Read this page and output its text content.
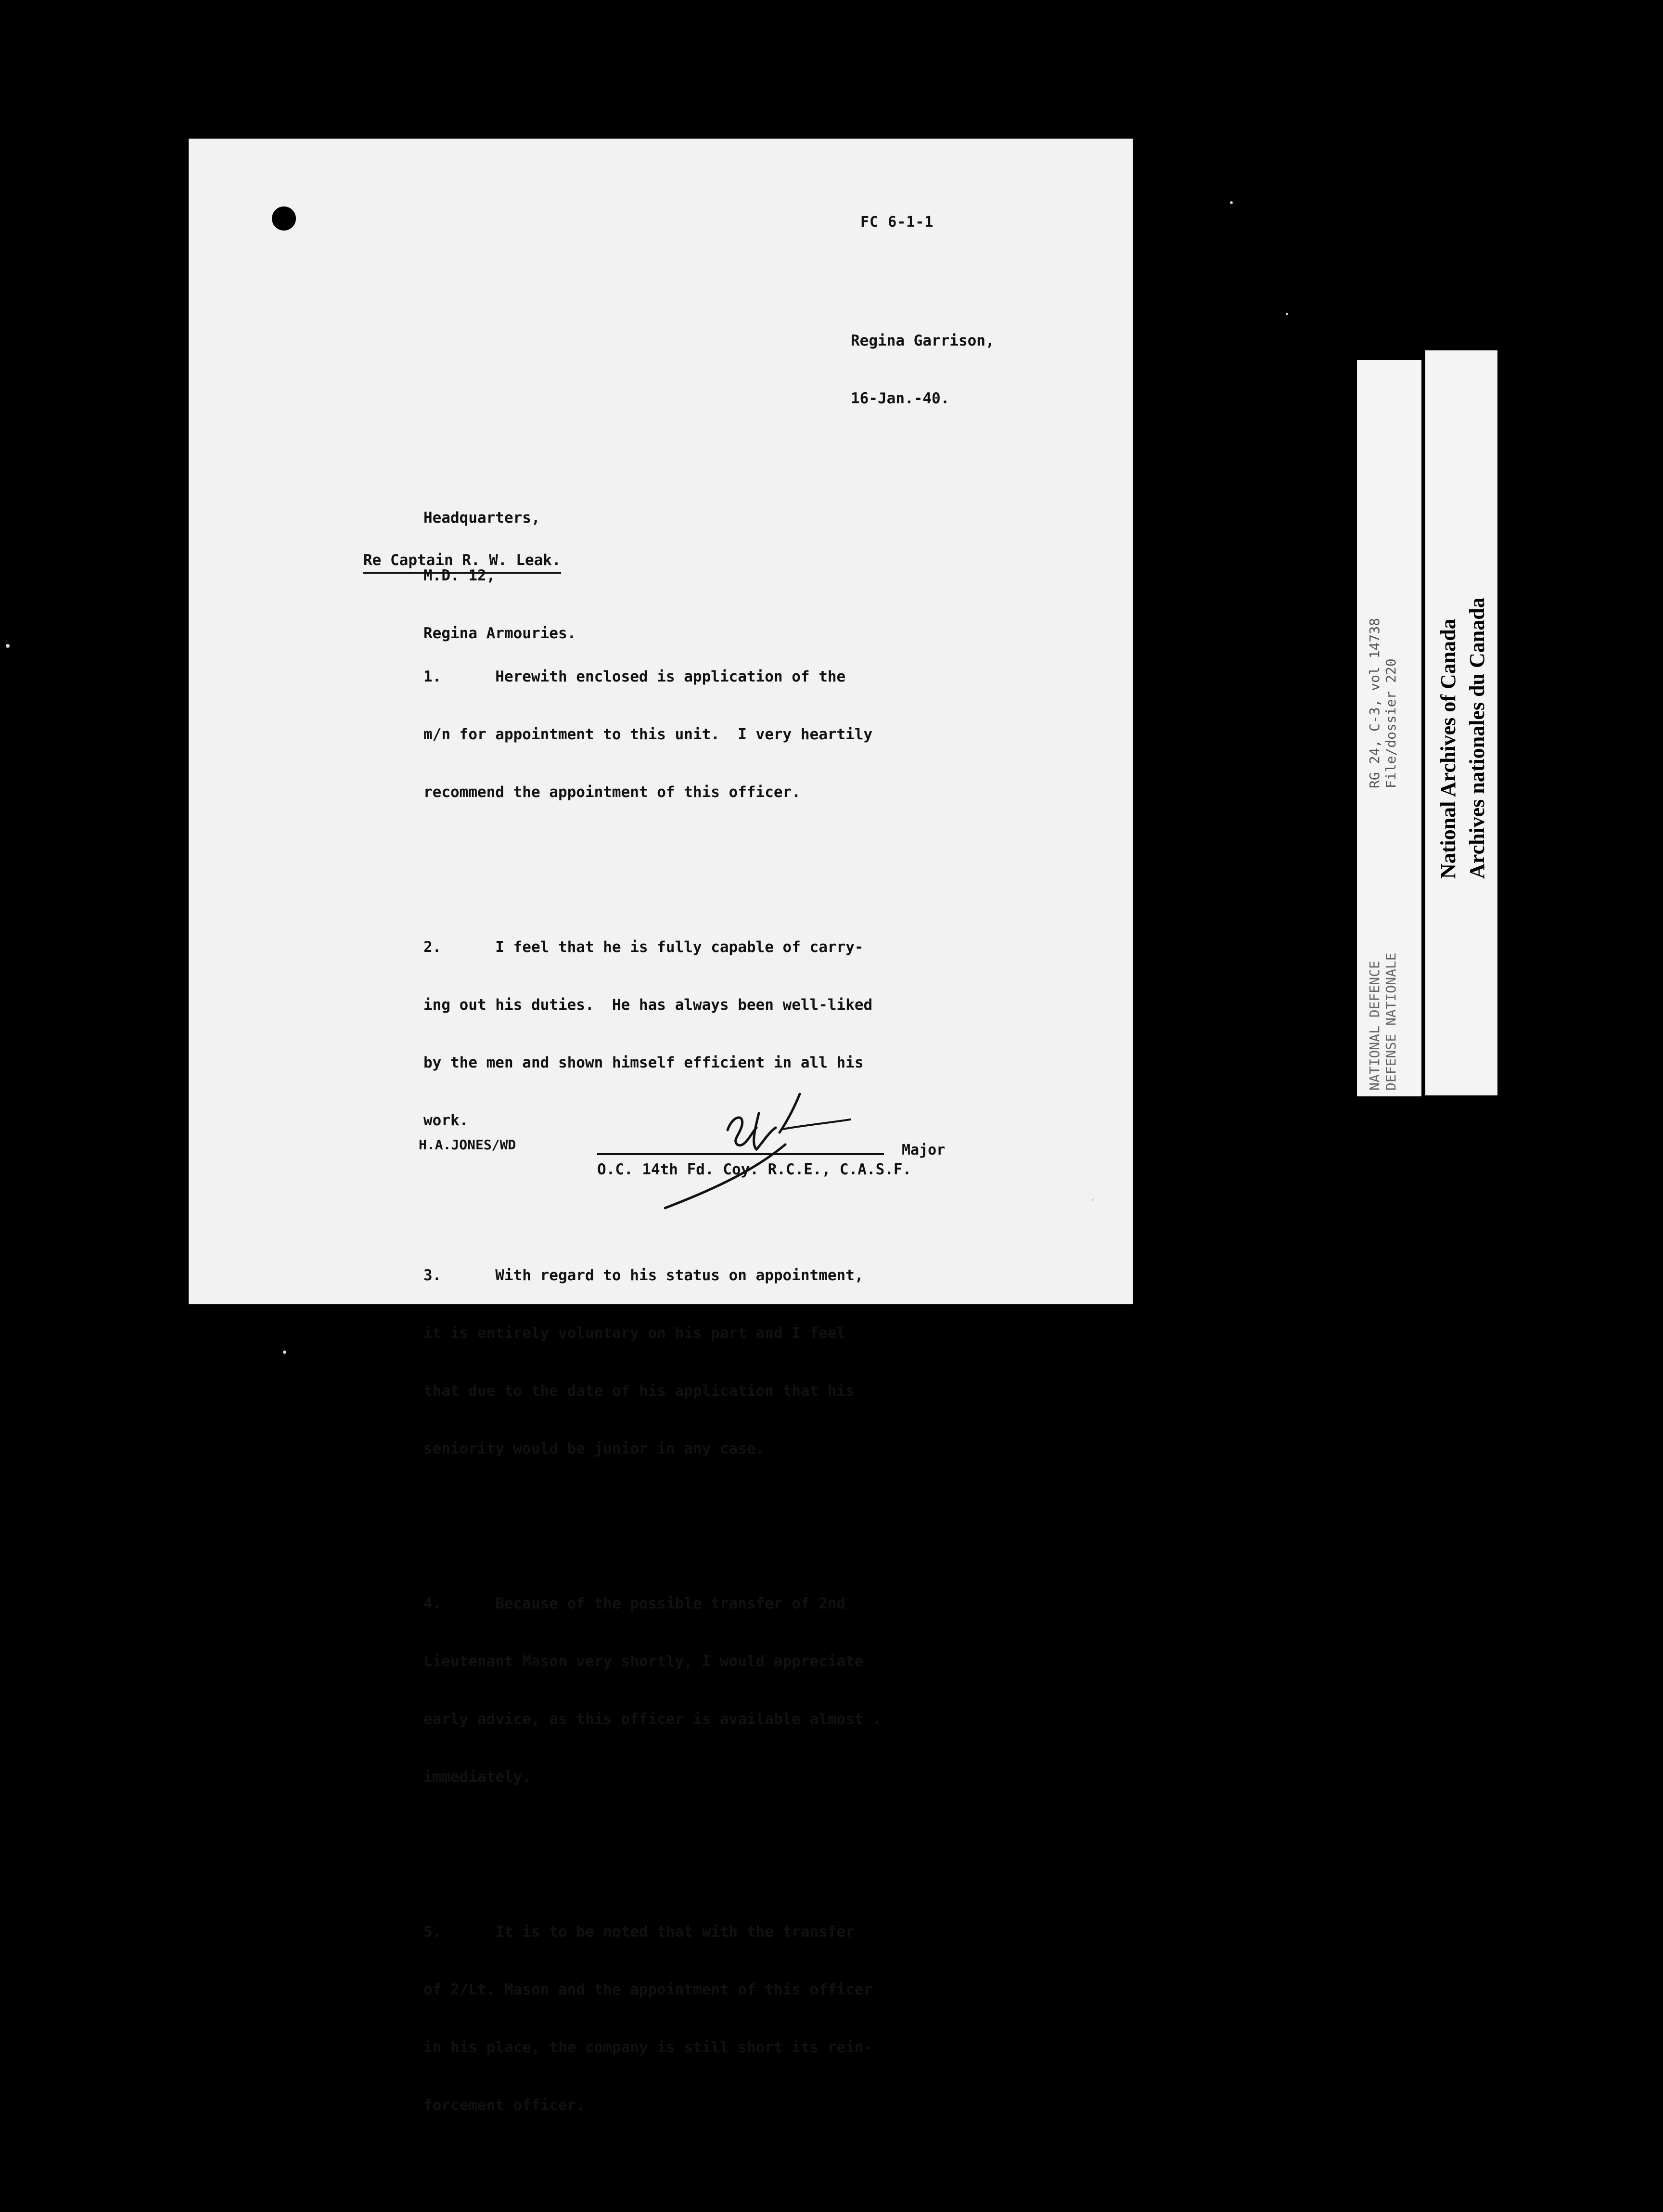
FC 6-1-1

Regina Garrison,

16-Jan.-40.

Headquarters,

M.D. 12,

Regina Armouries.

Re Captain R. W. Leak.

1.      Herewith enclosed is application of the

m/n for appointment to this unit.  I very heartily

recommend the appointment of this officer.

2.      I feel that he is fully capable of carry-

ing out his duties.  He has always been well-liked

by the men and shown himself efficient in all his

work.

3.      With regard to his status on appointment,

it is entirely voluntary on his part and I feel

that due to the date of his application that his

seniority would be junior in any case.

4.      Because of the possible transfer of 2nd

Lieutenant Mason very shortly, I would appreciate

early advice, as this officer is available almost .

immediately.

5.      It is to be noted that with the transfer

of 2/Lt. Mason and the appointment of this officer

in his place, the company is still short its rein-

forcement officer.

H.A.JONES/WD	Major
O.C. 14th Fd. Coy. R.C.E., C.A.S.F.
RG 24, C-3, vol 14738 File/dossier 220
NATIONAL DEFENCE DEFENSE NATIONALE
National Archives of Canada Archives nationales du Canada
